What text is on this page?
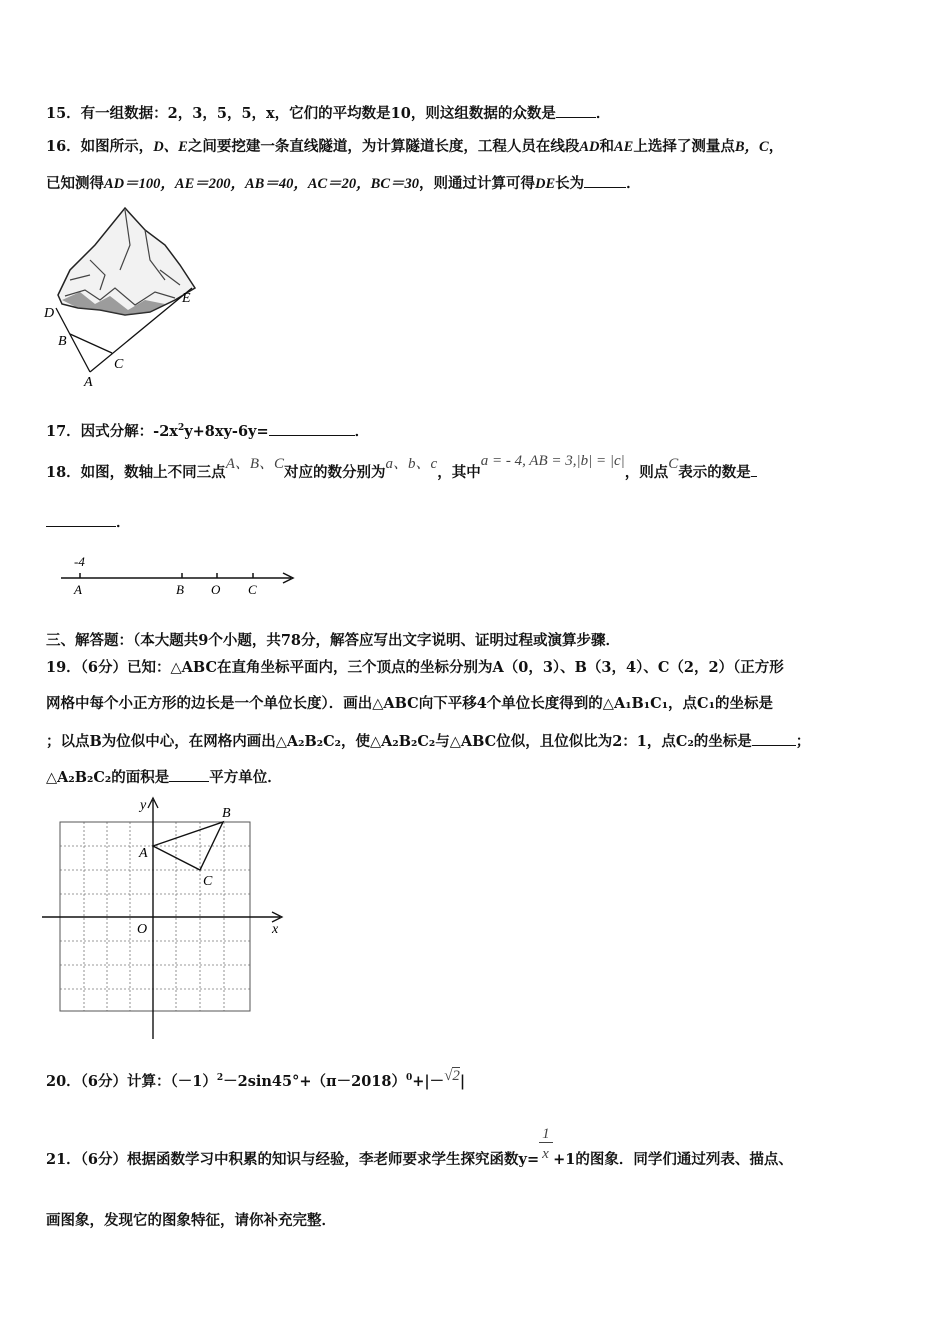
15．有一组数据：2，3，5，5，x，它们的平均数是10，则这组数据的众数是	．
16．如图所示，D、E之间要挖建一条直线隧道，为计算隧道长度，工程人员在线段AD和AE上选择了测量点B，C，
已知测得AD＝100，AE＝200，AB＝40，AC＝20，BC＝30，则通过计算可得DE长为	．
D
E
B
C
A
17．因式分解：$-2x^2y+8xy-6y=$	．
18．如图，数轴上不同三点A、B、C对应的数分别为a、b、c，其中a = - 4, AB = 3,|b| = |c|，则点C表示的数是
．
-4
A	B O C
三、解答题：（本大题共9个小题，共78分，解答应写出文字说明、证明过程或演算步骤．
19．（6分）已知：△ABC在直角坐标平面内，三个顶点的坐标分别为A（0，3）、B（3，4）、C（2，2）（正方形
网格中每个小正方形的边长是一个单位长度）．画出△ABC向下平移4个单位长度得到的△A₁B₁C₁，点C₁的坐标是
；以点B为位似中心，在网格内画出△A₂B₂C₂，使△A₂B₂C₂与△ABC位似，且位似比为2：1，点C₂的坐标是	；
△A₂B₂C₂的面积是	平方单位．
y
x
O
A
B
C
20．（6分）计算：$(-1)^2-2\sin 45^\circ+(\pi-2018)^0+|-√2|$
21．（6分）根据函数学习中积累的知识与经验，李老师要求学生探究函数$y= \frac{1}{x} +1$的图象．同学们通过列表、描点、
画图象，发现它的图象特征，请你补充完整．
